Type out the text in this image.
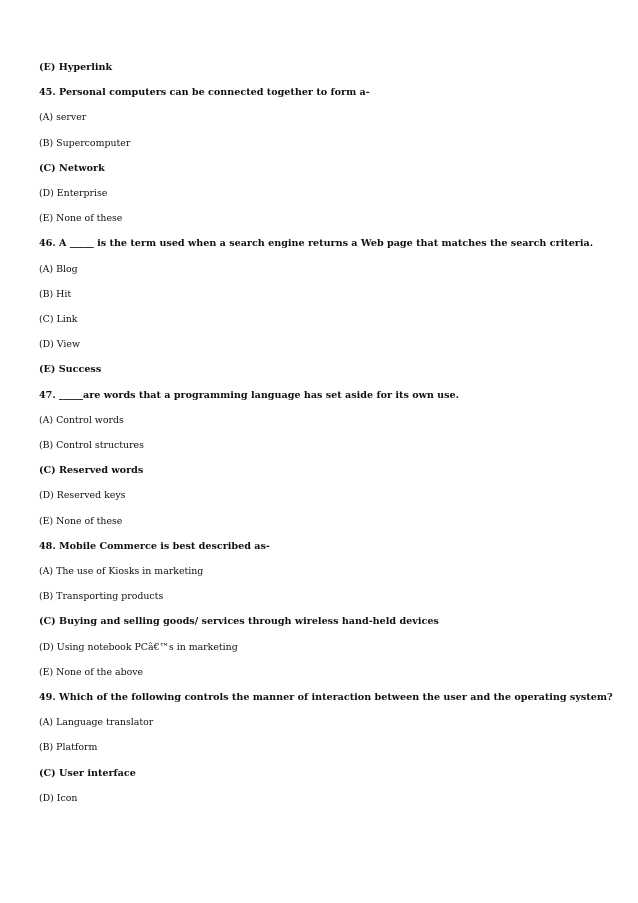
(E) Hyperlink
45. Personal computers can be connected together to form a-
(A) server
(B) Supercomputer
(C) Network
(D) Enterprise
(E) None of these
46. A _____ is the term used when a search engine returns a Web page that matches the search criteria.
(A) Blog
(B) Hit
(C) Link
(D) View
(E) Success
47. _____are words that a programming language has set aside for its own use.
(A) Control words
(B) Control structures
(C) Reserved words
(D) Reserved keys
(E) None of these
48. Mobile Commerce is best described as-
(A) The use of Kiosks in marketing
(B) Transporting products
(C) Buying and selling goods/ services through wireless hand-held devices
(D) Using notebook PCâ€™s in marketing
(E) None of the above
49. Which of the following controls the manner of interaction between the user and the operating system?
(A) Language translator
(B) Platform
(C) User interface
(D) Icon
